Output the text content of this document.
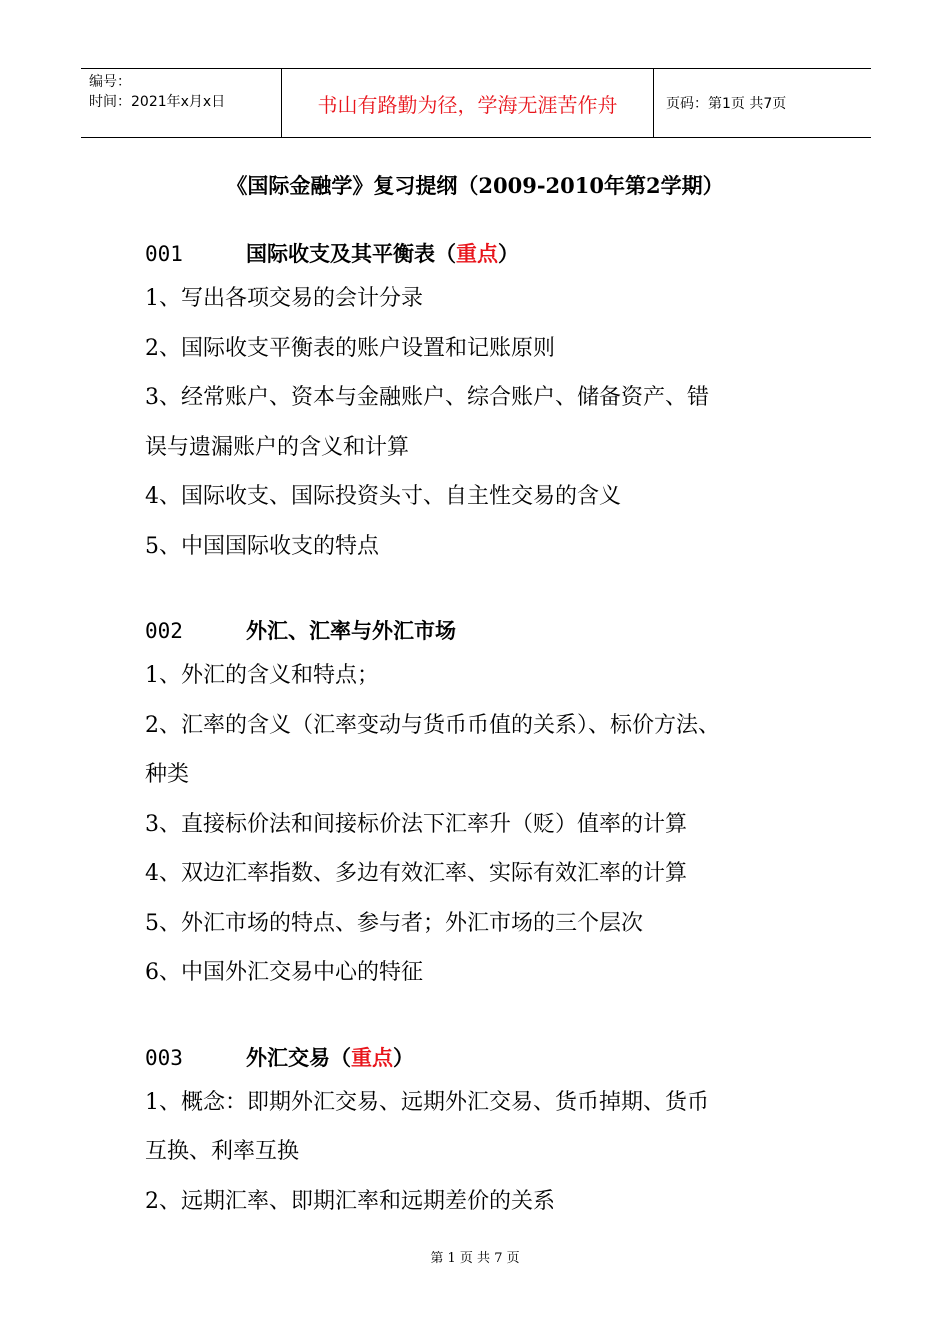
编号：
时间：2021年x月x日	书山有路勤为径，学海无涯苦作舟	页码：第1页 共7页
《国际金融学》复习提纲（2009-2010年第2学期）
001	国际收支及其平衡表（重点）
1、写出各项交易的会计分录
2、国际收支平衡表的账户设置和记账原则
3、经常账户、资本与金融账户、综合账户、储备资产、错
误与遗漏账户的含义和计算
4、国际收支、国际投资头寸、自主性交易的含义
5、中国国际收支的特点
002	外汇、汇率与外汇市场
1、外汇的含义和特点；
2、汇率的含义（汇率变动与货币币值的关系）、标价方法、
种类
3、直接标价法和间接标价法下汇率升（贬）值率的计算
4、双边汇率指数、多边有效汇率、实际有效汇率的计算
5、外汇市场的特点、参与者；外汇市场的三个层次
6、中国外汇交易中心的特征
003	外汇交易（重点）
1、概念：即期外汇交易、远期外汇交易、货币掉期、货币
互换、利率互换
2、远期汇率、即期汇率和远期差价的关系
第 1 页 共 7 页
